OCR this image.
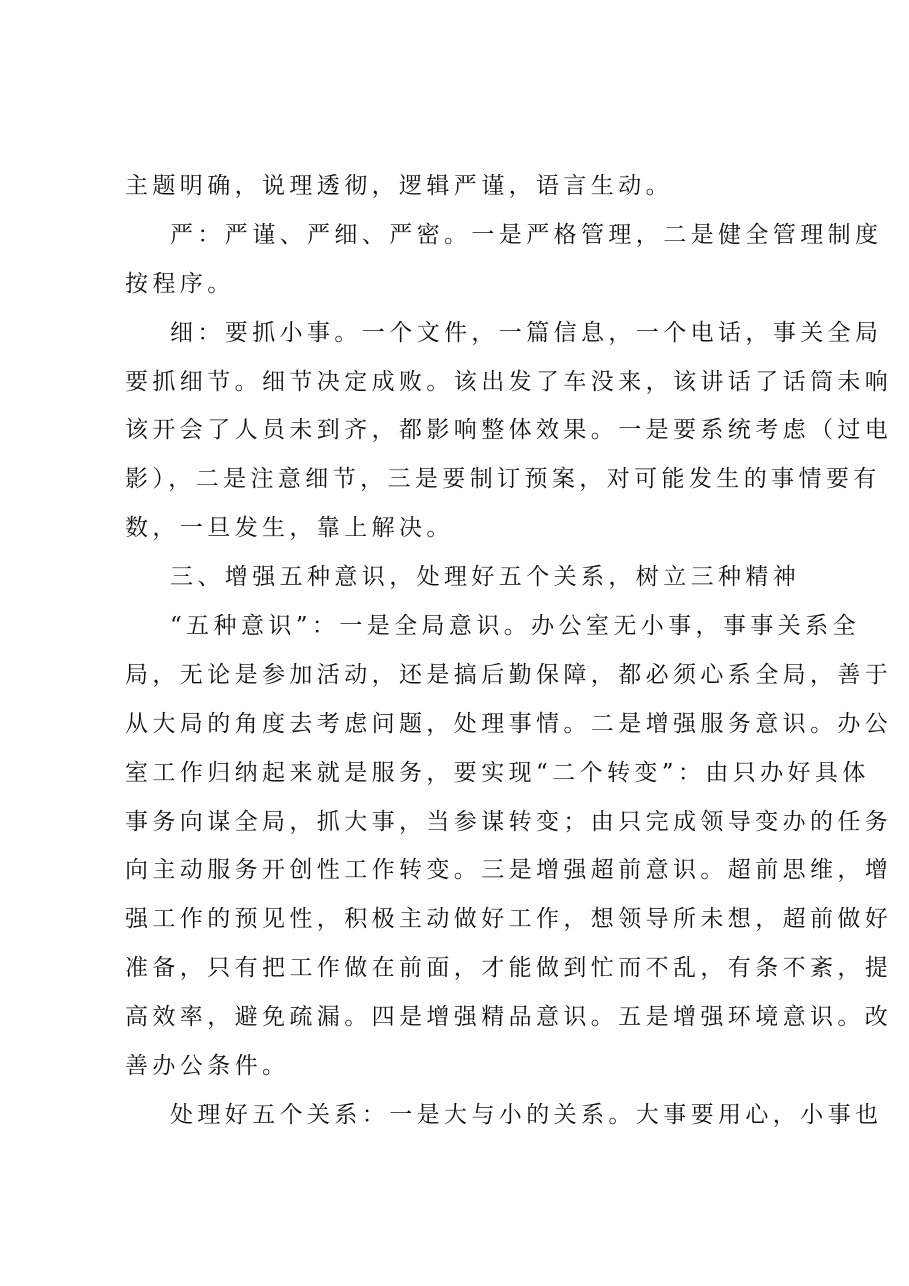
主题明确，说理透彻，逻辑严谨，语言生动。
严：严谨、严细、严密。一是严格管理，二是健全管理制度
按程序。
细：要抓小事。一个文件，一篇信息，一个电话，事关全局
要抓细节。细节决定成败。该出发了车没来，该讲话了话筒未响
该开会了人员未到齐，都影响整体效果。一是要系统考虑（过电
影），二是注意细节，三是要制订预案，对可能发生的事情要有
数，一旦发生，靠上解决。
三、增强五种意识，处理好五个关系，树立三种精神
“五种意识”：一是全局意识。办公室无小事，事事关系全
局，无论是参加活动，还是搞后勤保障，都必须心系全局，善于
从大局的角度去考虑问题，处理事情。二是增强服务意识。办公
室工作归纳起来就是服务，要实现“二个转变”：由只办好具体
事务向谋全局，抓大事，当参谋转变；由只完成领导变办的任务
向主动服务开创性工作转变。三是增强超前意识。超前思维，增
强工作的预见性，积极主动做好工作，想领导所未想，超前做好
准备，只有把工作做在前面，才能做到忙而不乱，有条不紊，提
高效率，避免疏漏。四是增强精品意识。五是增强环境意识。改
善办公条件。
处理好五个关系：一是大与小的关系。大事要用心，小事也
